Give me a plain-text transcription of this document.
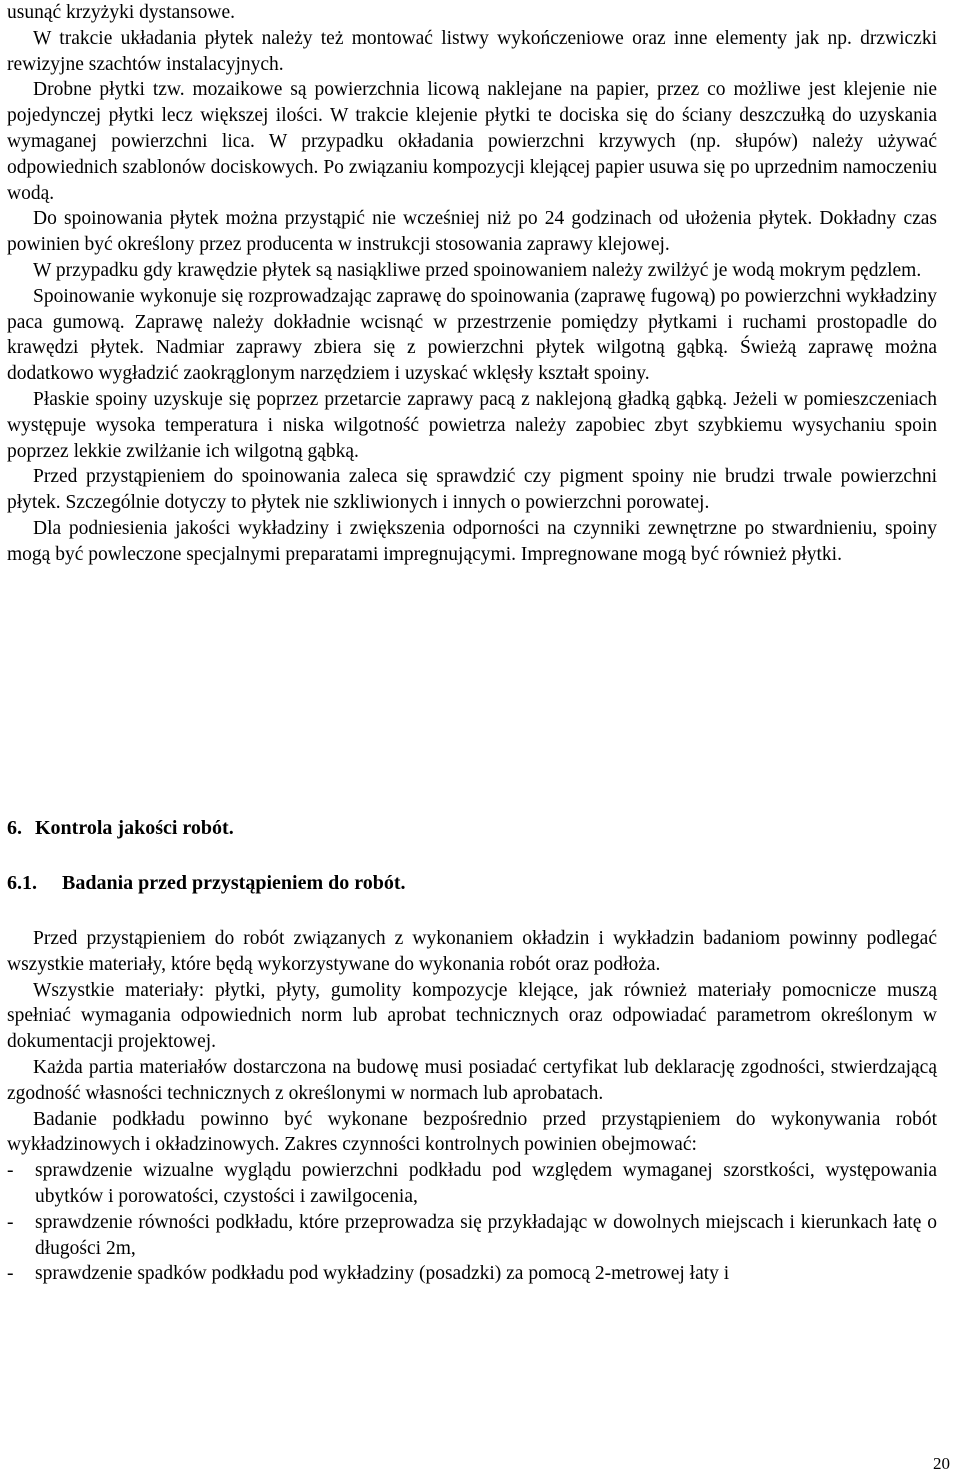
usunąć krzyżyki dystansowe.

W trakcie układania płytek należy też montować listwy wykończeniowe oraz inne elementy jak np. drzwiczki rewizyjne szachtów instalacyjnych.

Drobne płytki tzw. mozaikowe są powierzchnia licową naklejane na papier, przez co możliwe jest klejenie nie pojedynczej płytki lecz większej ilości. W trakcie klejenie płytki te dociska się do ściany deszczułką do uzyskania wymaganej powierzchni lica. W przypadku okładania powierzchni krzywych (np. słupów) należy używać odpowiednich szablonów dociskowych. Po związaniu kompozycji klejącej papier usuwa się po uprzednim namoczeniu wodą.

Do spoinowania płytek można przystąpić nie wcześniej niż po 24 godzinach od ułożenia płytek. Dokładny czas powinien być określony przez producenta w instrukcji stosowania zaprawy klejowej.

W przypadku gdy krawędzie płytek są nasiąkliwe przed spoinowaniem należy zwilżyć je wodą mokrym pędzlem.

Spoinowanie wykonuje się rozprowadzając zaprawę do spoinowania (zaprawę fugową) po powierzchni wykładziny paca gumową. Zaprawę należy dokładnie wcisnąć w przestrzenie pomiędzy płytkami i ruchami prostopadle do krawędzi płytek. Nadmiar zaprawy zbiera się z powierzchni płytek wilgotną gąbką. Świeżą zaprawę można dodatkowo wygładzić zaokrąglonym narzędziem i uzyskać wklęsły kształt spoiny.

Płaskie spoiny uzyskuje się poprzez przetarcie zaprawy pacą z naklejoną gładką gąbką. Jeżeli w pomieszczeniach występuje wysoka temperatura i niska wilgotność powietrza należy zapobiec zbyt szybkiemu wysychaniu spoin poprzez lekkie zwilżanie ich wilgotną gąbką.

Przed przystąpieniem do spoinowania zaleca się sprawdzić czy pigment spoiny nie brudzi trwale powierzchni płytek. Szczególnie dotyczy to płytek nie szkliwionych i innych o powierzchni porowatej.

Dla podniesienia jakości wykładziny i zwiększenia odporności na czynniki zewnętrzne po stwardnieniu, spoiny mogą być powleczone specjalnymi preparatami impregnującymi. Impregnowane mogą być również płytki.

6. Kontrola jakości robót.
6.1. Badania przed przystąpieniem do robót.

Przed przystąpieniem do robót związanych z wykonaniem okładzin i wykładzin badaniom powinny podlegać wszystkie materiały, które będą wykorzystywane do wykonania robót oraz podłoża.

Wszystkie materiały: płytki, płyty, gumolity kompozycje klejące, jak również materiały pomocnicze muszą spełniać wymagania odpowiednich norm lub aprobat technicznych oraz odpowiadać parametrom określonym w dokumentacji projektowej.

Każda partia materiałów dostarczona na budowę musi posiadać certyfikat lub deklarację zgodności, stwierdzającą zgodność własności technicznych z określonymi w normach lub aprobatach.

Badanie podkładu powinno być wykonane bezpośrednio przed przystąpieniem do wykonywania robót wykładzinowych i okładzinowych. Zakres czynności kontrolnych powinien obejmować:

-	sprawdzenie wizualne wyglądu powierzchni podkładu pod względem wymaganej szorstkości, występowania ubytków i porowatości, czystości i zawilgocenia,
-	sprawdzenie równości podkładu, które przeprowadza się przykładając w dowolnych miejscach i kierunkach łatę o długości 2m,
-	sprawdzenie spadków podkładu pod wykładziny (posadzki) za pomocą 2-metrowej łaty i
20
